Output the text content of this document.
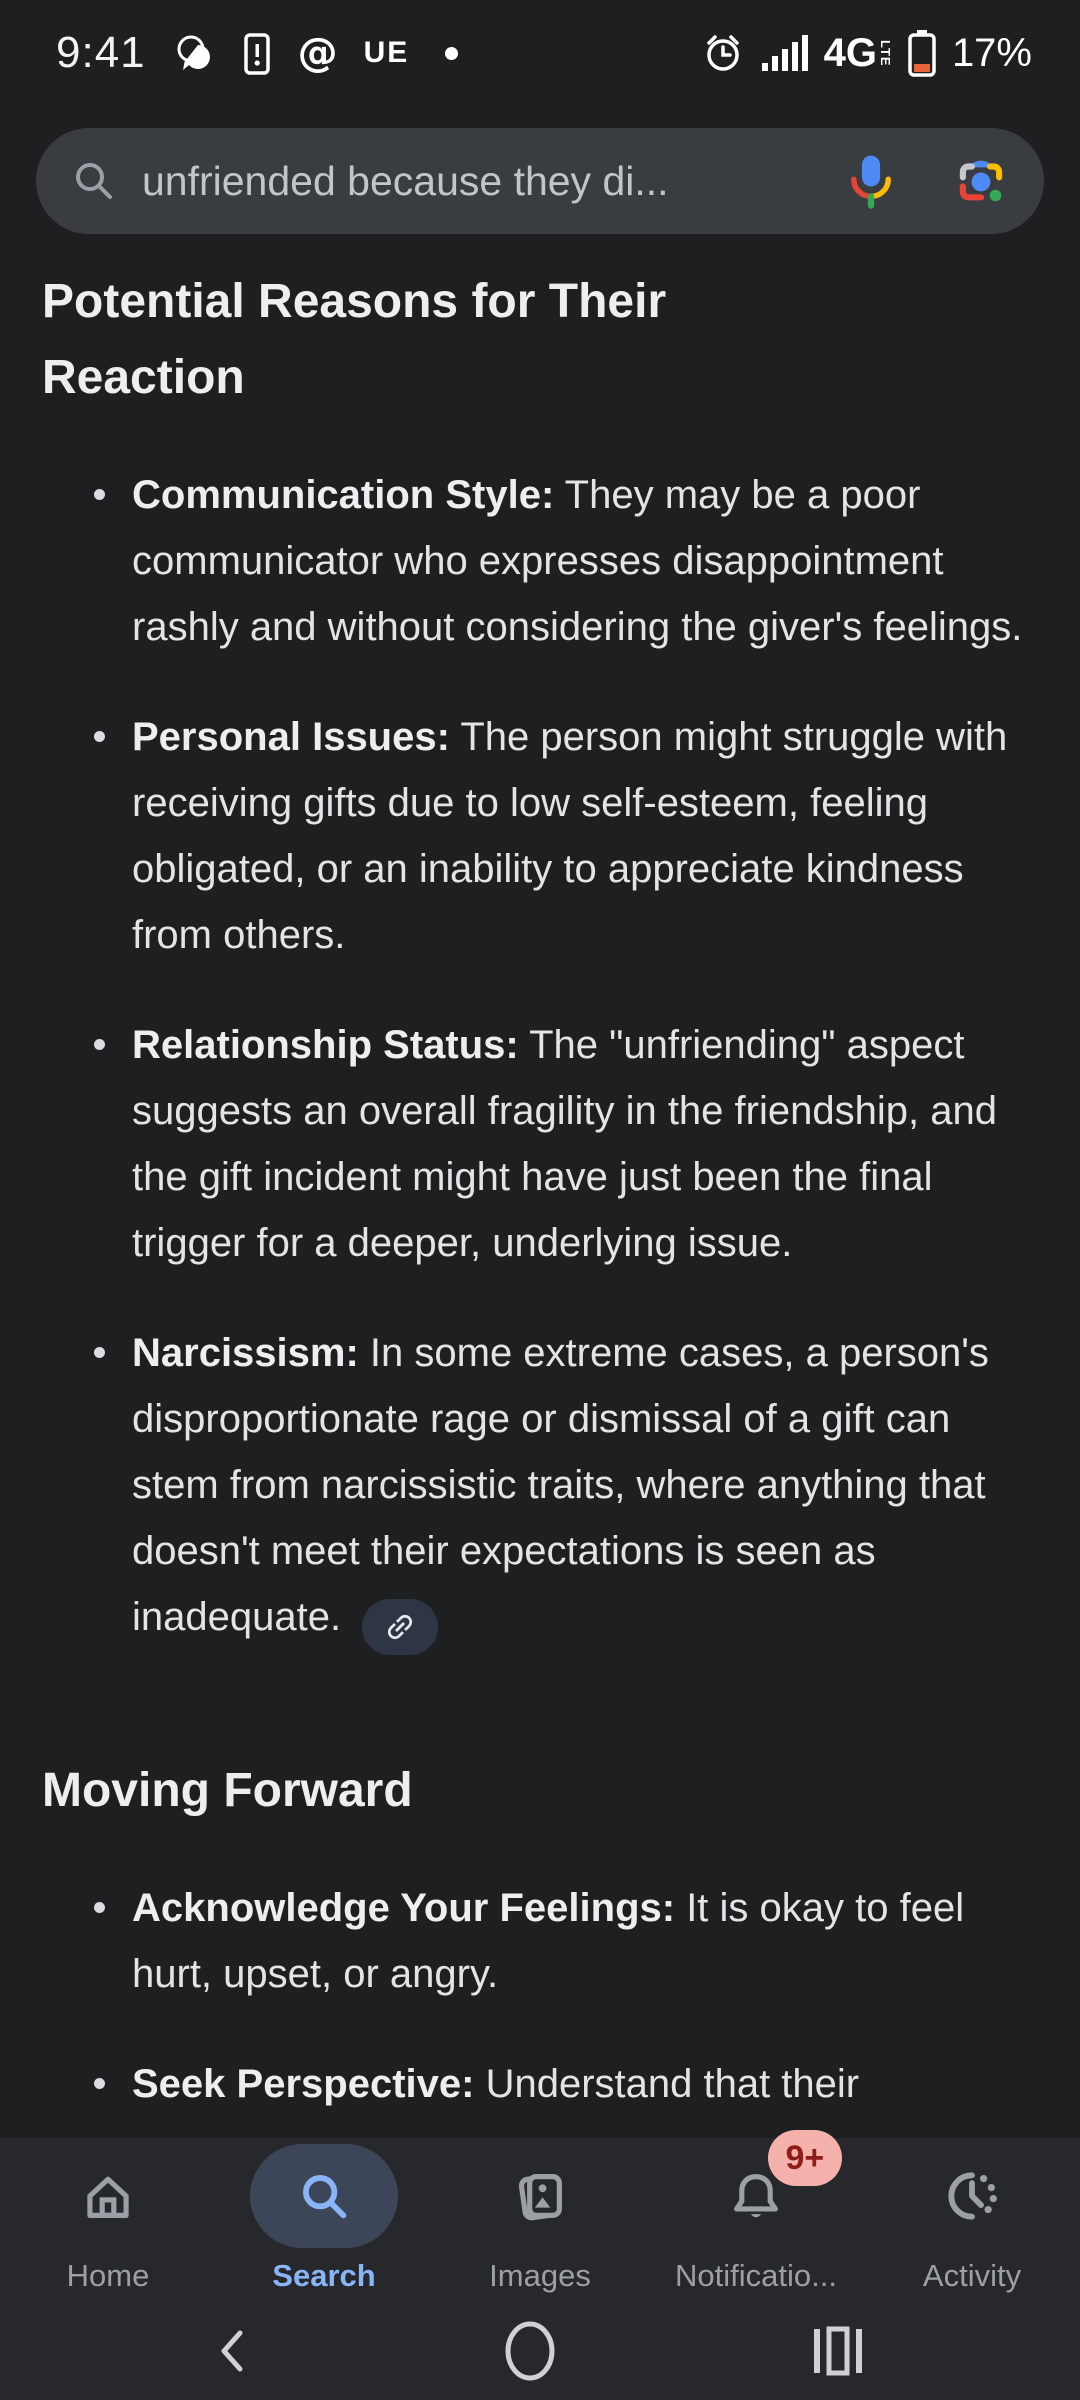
9:41	@ UE	4G LTE 17%
unfriended because they di...
Potential Reasons for Their Reaction
Communication Style: They may be a poor communicator who expresses disappointment rashly and without considering the giver's feelings.
Personal Issues: The person might struggle with receiving gifts due to low self-esteem, feeling obligated, or an inability to appreciate kindness from others.
Relationship Status: The "unfriending" aspect suggests an overall fragility in the friendship, and the gift incident might have just been the final trigger for a deeper, underlying issue.
Narcissism: In some extreme cases, a person's disproportionate rage or dismissal of a gift can stem from narcissistic traits, where anything that doesn't meet their expectations is seen as inadequate.
Moving Forward
Acknowledge Your Feelings: It is okay to feel hurt, upset, or angry.
Seek Perspective: Understand that their
Home	Search	Images
9+
Notificatio...	Activity
